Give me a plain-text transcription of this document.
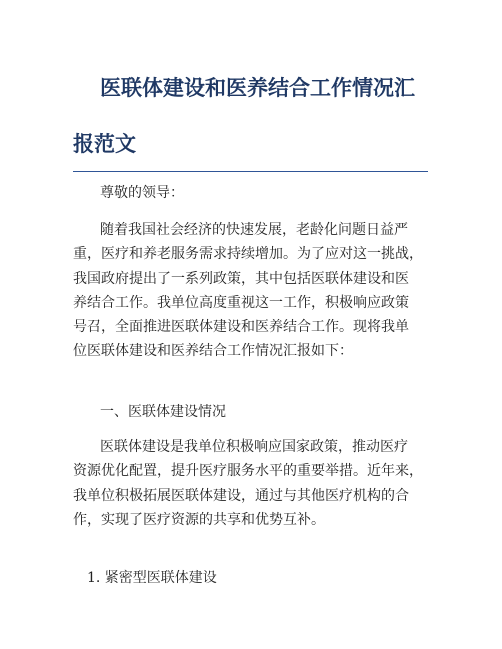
医联体建设和医养结合工作情况汇
报范文

尊敬的领导：

随着我国社会经济的快速发展，老龄化问题日益严
重，医疗和养老服务需求持续增加。为了应对这一挑战，
我国政府提出了一系列政策，其中包括医联体建设和医
养结合工作。我单位高度重视这一工作，积极响应政策
号召，全面推进医联体建设和医养结合工作。现将我单
位医联体建设和医养结合工作情况汇报如下：

一、医联体建设情况

医联体建设是我单位积极响应国家政策，推动医疗
资源优化配置，提升医疗服务水平的重要举措。近年来，
我单位积极拓展医联体建设，通过与其他医疗机构的合
作，实现了医疗资源的共享和优势互补。

1. 紧密型医联体建设
